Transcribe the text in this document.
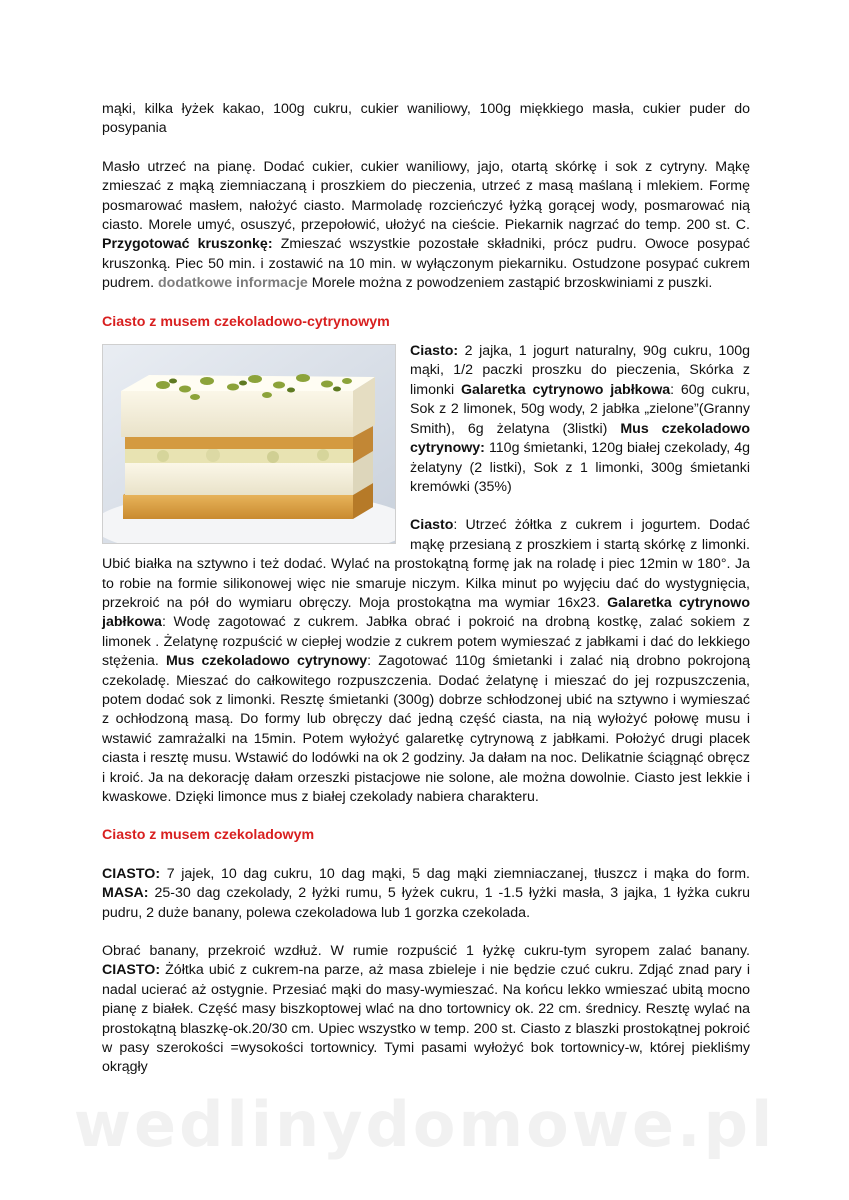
mąki, kilka łyżek kakao, 100g cukru, cukier waniliowy, 100g miękkiego masła, cukier puder do posypania

Masło utrzeć na pianę. Dodać cukier, cukier waniliowy, jajo, otartą skórkę i sok z cytryny. Mąkę zmieszać z mąką ziemniaczaną i proszkiem do pieczenia, utrzeć z masą maślaną i mlekiem. Formę posmarować masłem, nałożyć ciasto. Marmoladę rozcieńczyć łyżką gorącej wody, posmarować nią ciasto. Morele umyć, osuszyć, przepołowić, ułożyć na cieście. Piekarnik nagrzać do temp. 200 st. C. Przygotować kruszonkę: Zmieszać wszystkie pozostałe składniki, prócz pudru. Owoce posypać kruszonką. Piec 50 min. i zostawić na 10 min. w wyłączonym piekarniku. Ostudzone posypać cukrem pudrem. dodatkowe informacje Morele można z powodzeniem zastąpić brzoskwiniami z puszki.

Ciasto z musem czekoladowo-cytrynowym

Ciasto: 2 jajka, 1 jogurt naturalny, 90g cukru, 100g mąki, 1/2 paczki proszku do pieczenia, Skórka z limonki Galaretka cytrynowo jabłkowa: 60g cukru, Sok z 2 limonek, 50g wody, 2 jabłka „zielone”(Granny Smith), 6g żelatyna (3listki) Mus czekoladowo cytrynowy: 110g śmietanki, 120g białej czekolady, 4g żelatyny (2 listki), Sok z 1 limonki, 300g śmietanki kremówki (35%)

Ciasto: Utrzeć żółtka z cukrem i jogurtem. Dodać mąkę przesianą z proszkiem i startą skórkę z limonki. Ubić białka na sztywno i też dodać. Wylać na prostokątną formę jak na roladę i piec 12min w 180°. Ja to robie na formie silikonowej więc nie smaruje niczym. Kilka minut po wyjęciu dać do wystygnięcia, przekroić na pół do wymiaru obręczy. Moja prostokątna ma wymiar 16x23. Galaretka cytrynowo jabłkowa: Wodę zagotować z cukrem. Jabłka obrać i pokroić na drobną kostkę, zalać sokiem z limonek . Żelatynę rozpuścić w ciepłej wodzie z cukrem potem wymieszać z jabłkami i dać do lekkiego stężenia. Mus czekoladowo cytrynowy: Zagotować 110g śmietanki i zalać nią drobno pokrojoną czekoladę. Mieszać do całkowitego rozpuszczenia. Dodać żelatynę i mieszać do jej rozpuszczenia, potem dodać sok z limonki. Resztę śmietanki (300g) dobrze schłodzonej ubić na sztywno i wymieszać z ochłodzoną masą. Do formy lub obręczy dać jedną część ciasta, na nią wyłożyć połowę musu i wstawić zamrażalki na 15min. Potem wyłożyć galaretkę cytrynową z jabłkami. Położyć drugi placek ciasta i resztę musu. Wstawić do lodówki na ok 2 godziny. Ja dałam na noc. Delikatnie ściągnąć obręcz i kroić. Ja na dekorację dałam orzeszki pistacjowe nie solone, ale można dowolnie. Ciasto jest lekkie i kwaskowe. Dzięki limonce mus z białej czekolady nabiera charakteru.

Ciasto z musem czekoladowym

CIASTO: 7 jajek, 10 dag cukru, 10 dag mąki, 5 dag mąki ziemniaczanej, tłuszcz i mąka do form. MASA: 25-30 dag czekolady, 2 łyżki rumu, 5 łyżek cukru, 1 -1.5 łyżki masła, 3 jajka, 1 łyżka cukru pudru, 2 duże banany, polewa czekoladowa lub 1 gorzka czekolada.

Obrać banany, przekroić wzdłuż. W rumie rozpuścić 1 łyżkę cukru-tym syropem zalać banany. CIASTO: Żółtka ubić z cukrem-na parze, aż masa zbieleje i nie będzie czuć cukru. Zdjąć znad pary i nadal ucierać aż ostygnie. Przesiać mąki do masy-wymieszać. Na końcu lekko wmieszać ubitą mocno pianę z białek. Część masy biszkoptowej wlać na dno tortownicy ok. 22 cm. średnicy. Resztę wylać na prostokątną blaszkę-ok.20/30 cm. Upiec wszystko w temp. 200 st. Ciasto z blaszki prostokątnej pokroić w pasy szerokości =wysokości tortownicy. Tymi pasami wyłożyć bok tortownicy-w, której piekliśmy okrągły

wedlinydomowe.pl
